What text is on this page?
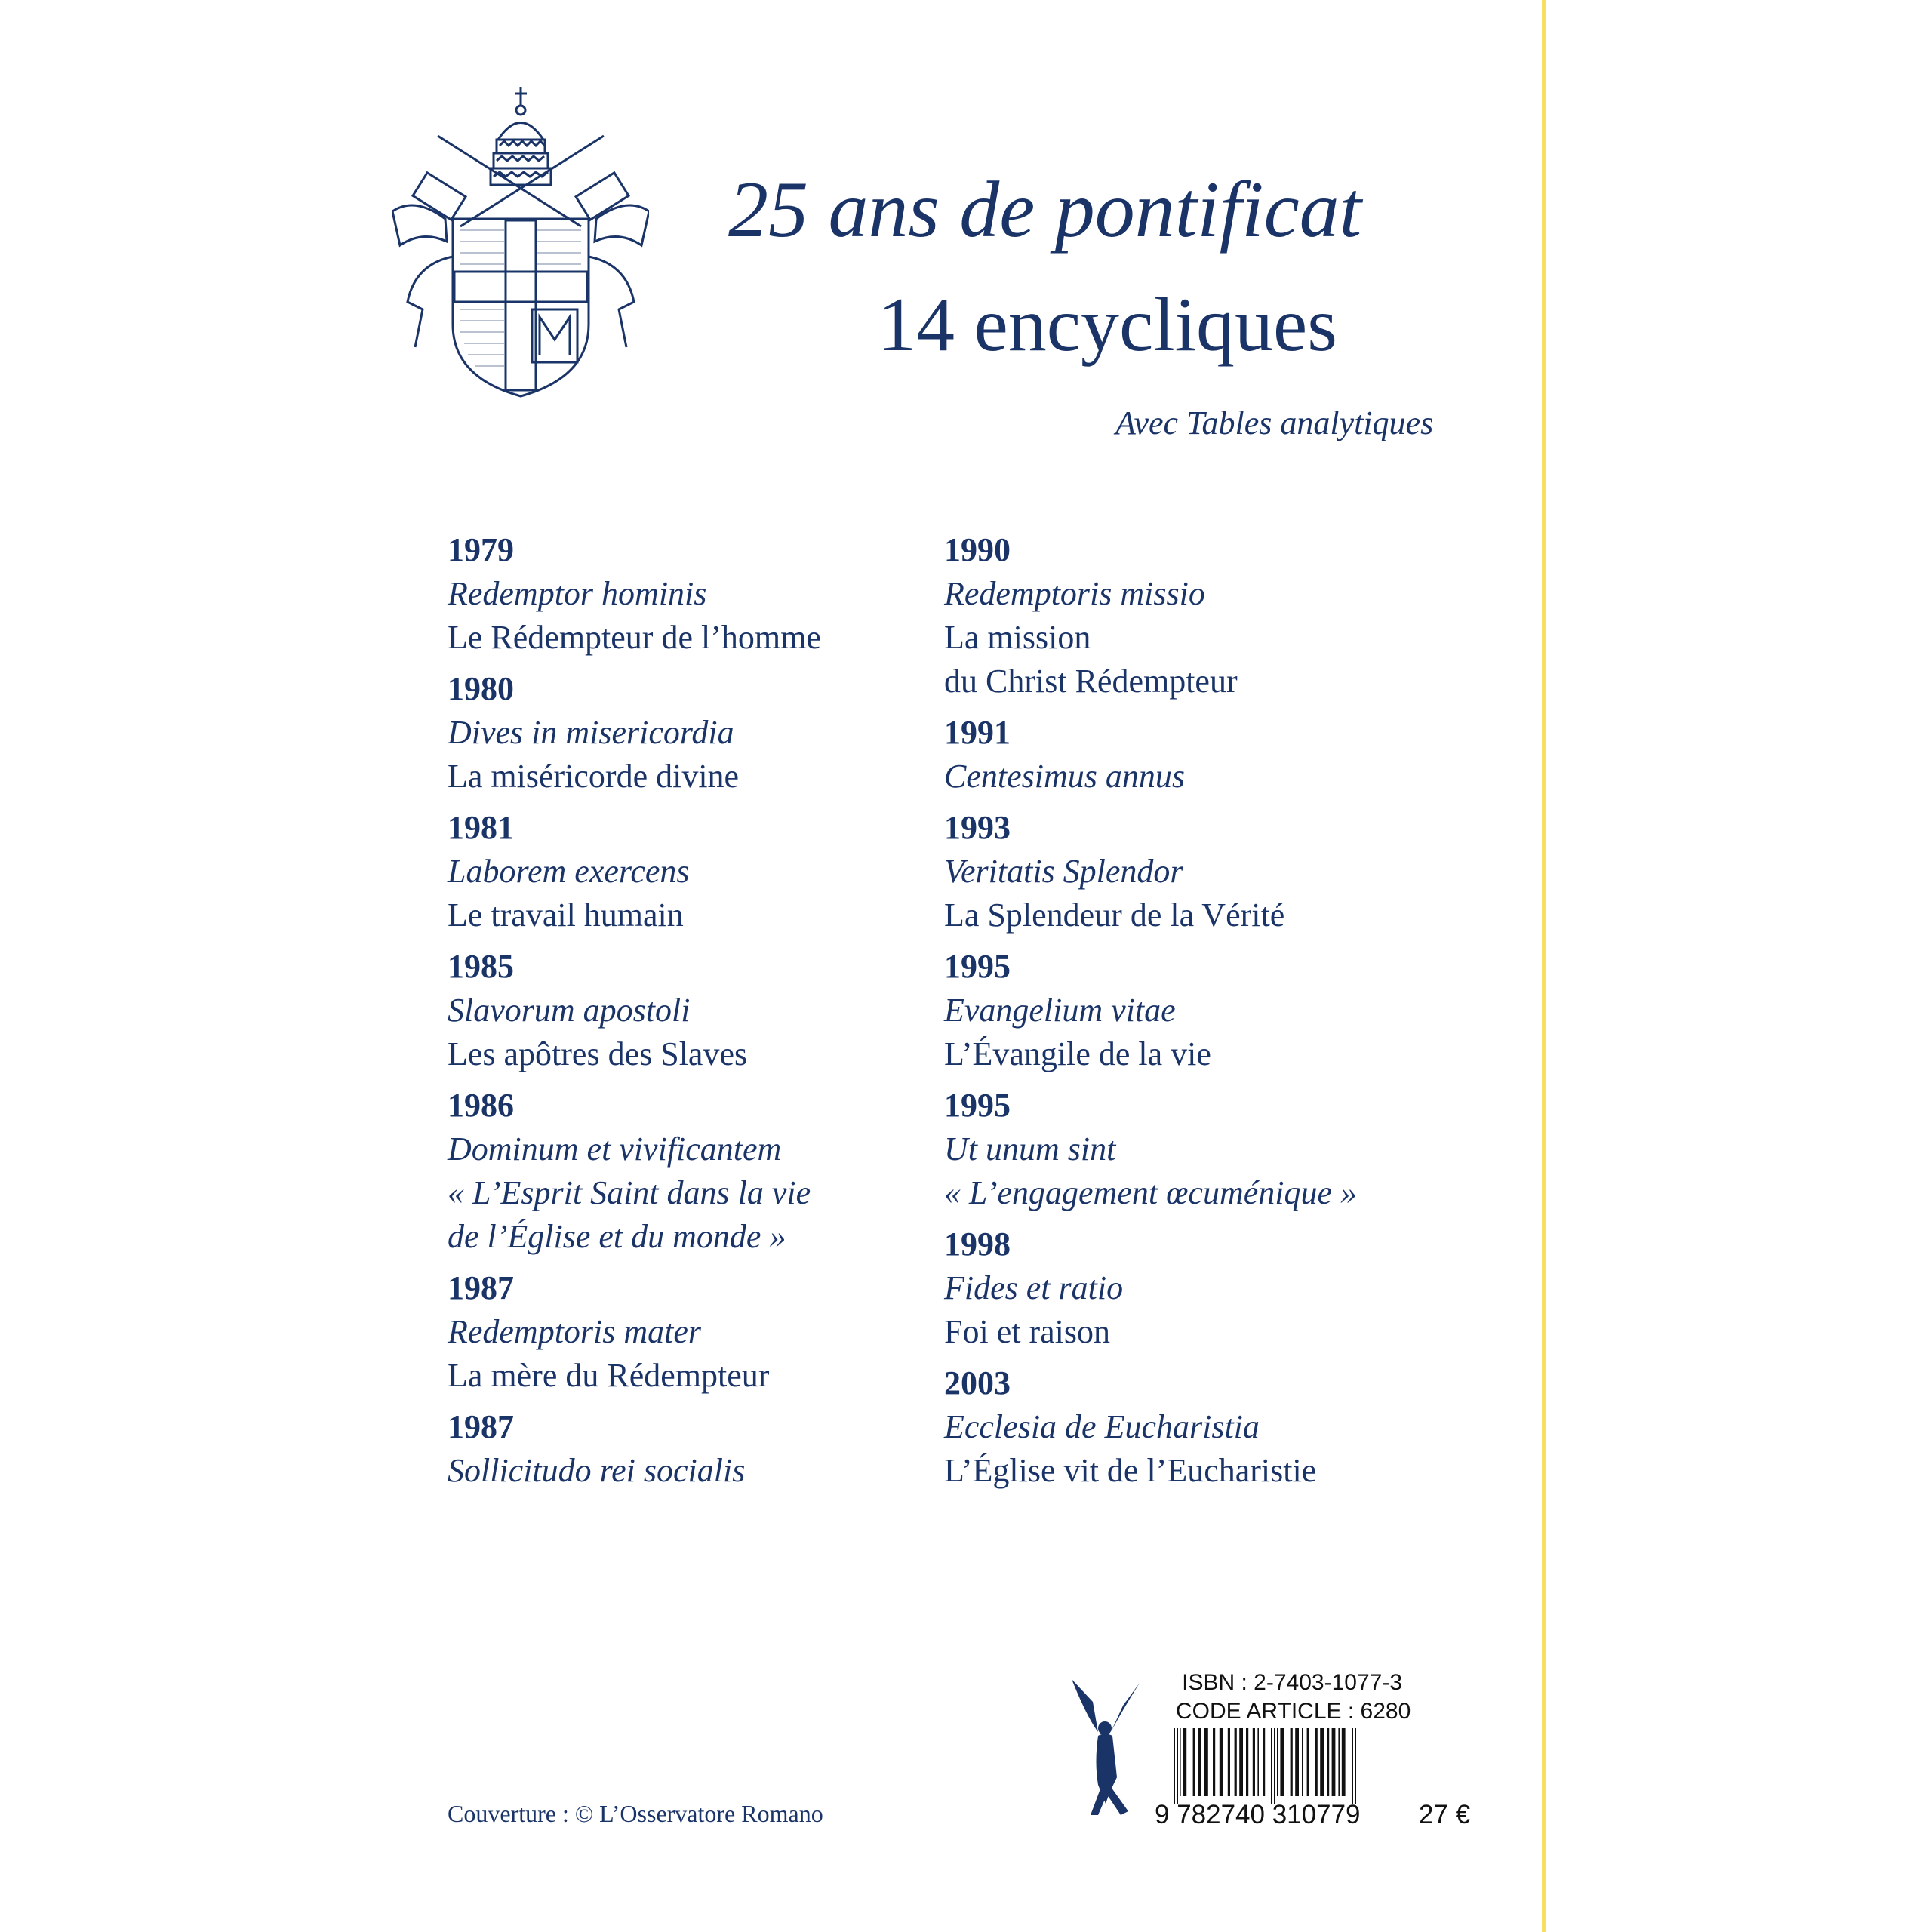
25 ans de pontificat
14 encycliques
Avec Tables analytiques
1979
Redemptor hominis
Le Rédempteur de l’homme
1980
Dives in misericordia
La miséricorde divine
1981
Laborem exercens
Le travail humain
1985
Slavorum apostoli
Les apôtres des Slaves
1986
Dominum et vivificantem
« L’Esprit Saint dans la vie
de l’Église et du monde »
1987
Redemptoris mater
La mère du Rédempteur
1987
Sollicitudo rei socialis
1990
Redemptoris missio
La mission
du Christ Rédempteur
1991
Centesimus annus
1993
Veritatis Splendor
La Splendeur de la Vérité
1995
Evangelium vitae
L’Évangile de la vie
1995
Ut unum sint
« L’engagement œcuménique »
1998
Fides et ratio
Foi et raison
2003
Ecclesia de Eucharistia
L’Église vit de l’Eucharistie
Couverture : © L’Osservatore Romano
ISBN : 2-7403-1077-3
CODE ARTICLE : 6280
9 782740 310779 27 €
